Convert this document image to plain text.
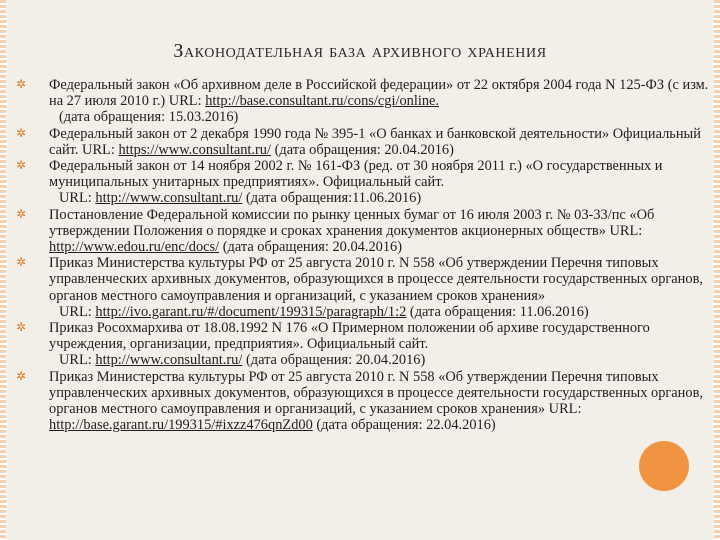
Законодательная база архивного хранения
✲ Федеральный закон «Об архивном деле в Российской федерации» от 22 октября 2004 года N 125-ФЗ (с изм. на 27 июля 2010 г.) URL: http://base.consultant.ru/cons/cgi/online.
(дата обращения: 15.03.2016)
✲ Федеральный закон от 2 декабря 1990 года № 395-1 «О банках и банковской деятельности» Официальный сайт. URL: https://www.consultant.ru/ (дата обращения: 20.04.2016)
✲ Федеральный закон от 14 ноября 2002 г. № 161-ФЗ (ред. от 30 ноября 2011 г.) «О государственных и муниципальных унитарных предприятиях». Официальный сайт.
URL: http://www.consultant.ru/ (дата обращения:11.06.2016)
✲ Постановление Федеральной комиссии по рынку ценных бумаг от 16 июля 2003 г. № 03-33/пс «Об утверждении Положения о порядке и сроках хранения документов акционерных обществ» URL: http://www.edou.ru/enc/docs/ (дата обращения: 20.04.2016)
✲ Приказ Министерства культуры РФ от 25 августа 2010 г. N 558 «Об утверждении Перечня типовых управленческих архивных документов, образующихся в процессе деятельности государственных органов, органов местного самоуправления и организаций, с указанием сроков хранения»
URL: http://ivo.garant.ru/#/document/199315/paragraph/1:2 (дата обращения: 11.06.2016)
✲ Приказ Росохмархива от 18.08.1992 N 176 «О Примерном положении об архиве государственного учреждения, организации, предприятия». Официальный сайт.
URL: http://www.consultant.ru/ (дата обращения: 20.04.2016)
✲ Приказ Министерства культуры РФ от 25 августа 2010 г. N 558 «Об утверждении Перечня типовых управленческих архивных документов, образующихся в процессе деятельности государственных органов, органов местного самоуправления и организаций, с указанием сроков хранения» URL: http://base.garant.ru/199315/#ixzz476qnZd00 (дата обращения: 22.04.2016)
